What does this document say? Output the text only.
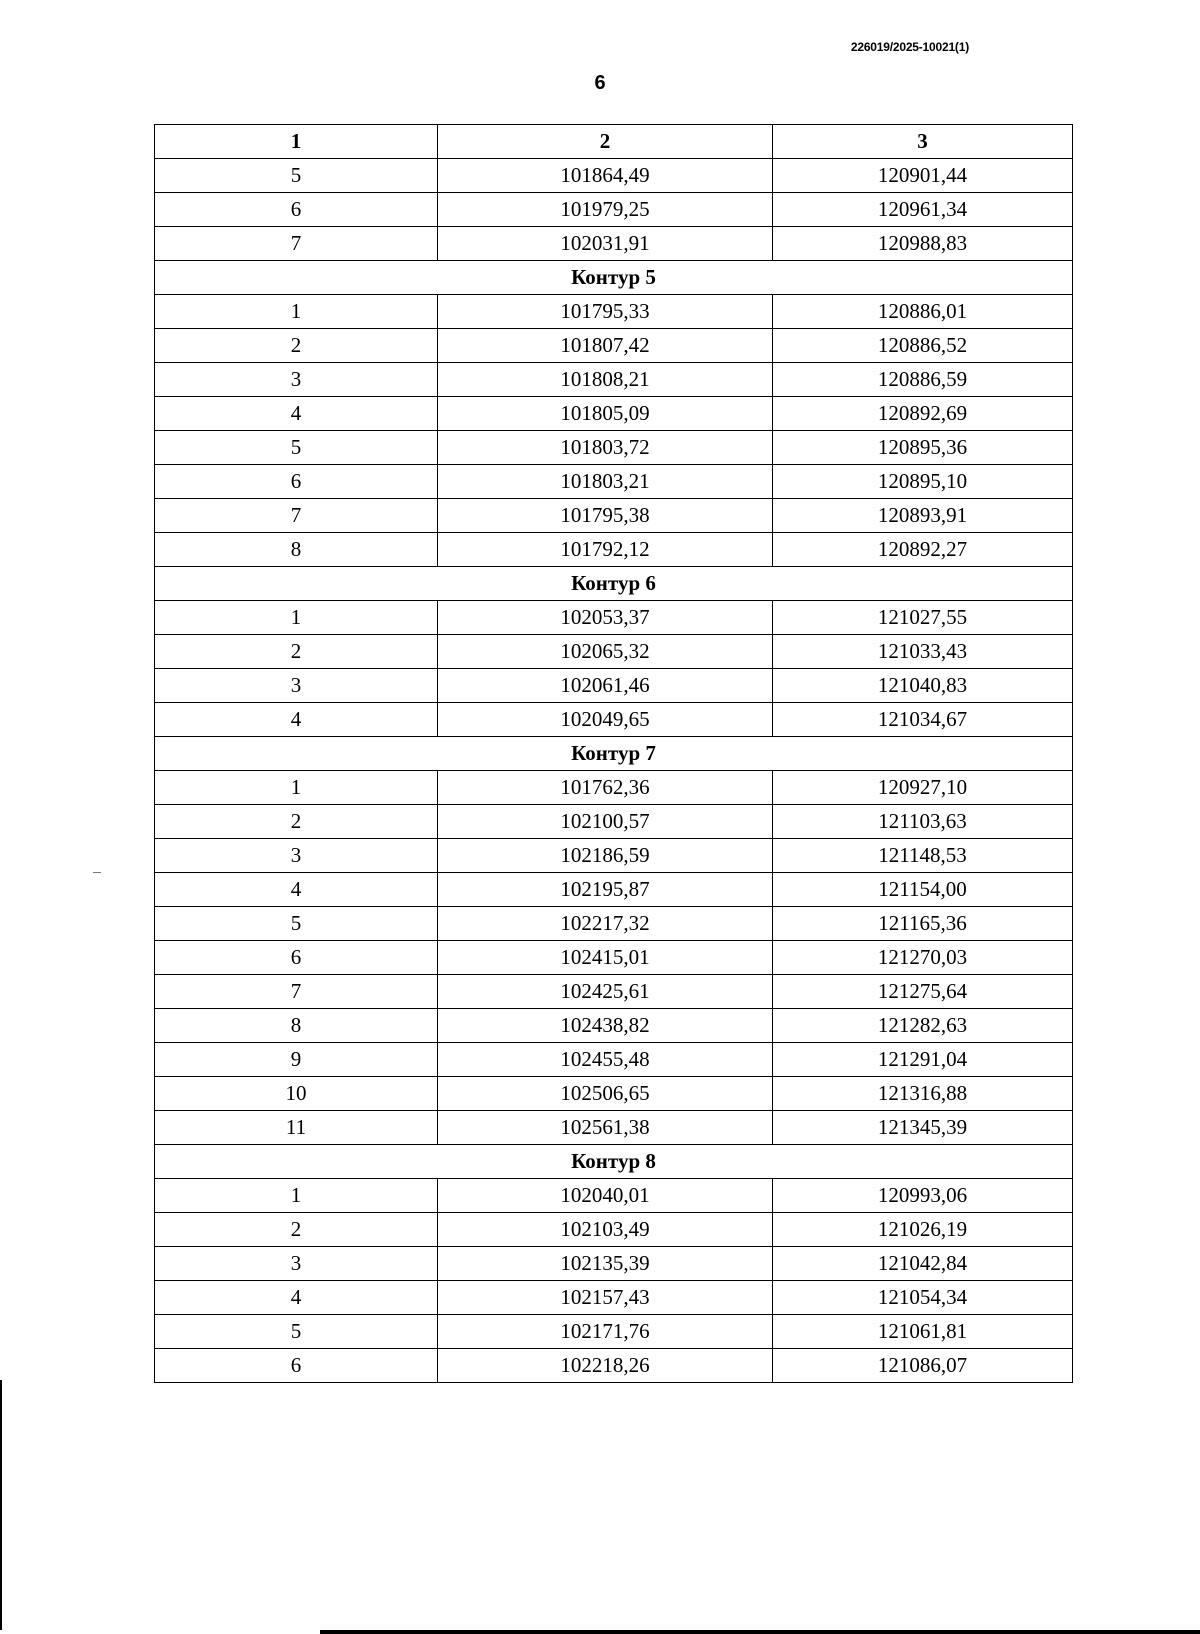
226019/2025-10021(1)
6
1	2	3
5	101864,49	120901,44
6	101979,25	120961,34
7	102031,91	120988,83
Контур 5		
1	101795,33	120886,01
2	101807,42	120886,52
3	101808,21	120886,59
4	101805,09	120892,69
5	101803,72	120895,36
6	101803,21	120895,10
7	101795,38	120893,91
8	101792,12	120892,27
Контур 6		
1	102053,37	121027,55
2	102065,32	121033,43
3	102061,46	121040,83
4	102049,65	121034,67
Контур 7		
1	101762,36	120927,10
2	102100,57	121103,63
3	102186,59	121148,53
4	102195,87	121154,00
5	102217,32	121165,36
6	102415,01	121270,03
7	102425,61	121275,64
8	102438,82	121282,63
9	102455,48	121291,04
10	102506,65	121316,88
11	102561,38	121345,39
Контур 8		
1	102040,01	120993,06
2	102103,49	121026,19
3	102135,39	121042,84
4	102157,43	121054,34
5	102171,76	121061,81
6	102218,26	121086,07
